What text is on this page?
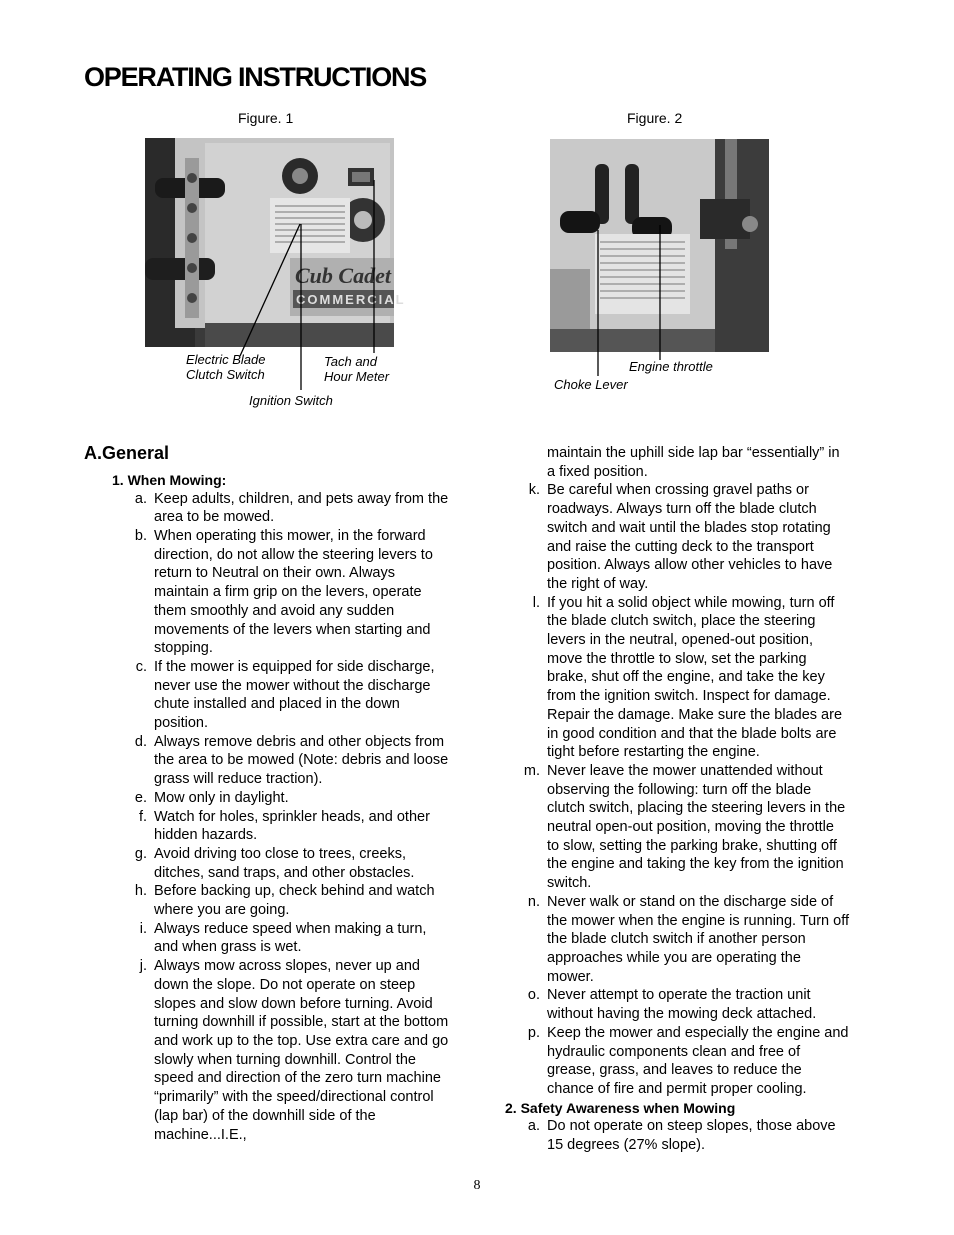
OPERATING INSTRUCTIONS
Figure. 1
Cub Cadet
COMMERCIAL
Figure. 2
Electric Blade
Clutch Switch
Tach and
Hour Meter
Ignition Switch
Engine throttle
Choke Lever
A.General
1. When Mowing:
a. Keep adults, children, and pets away from the area to be mowed.
b. When operating this mower, in the forward direction, do not allow the steering levers to return to Neutral on their own. Always maintain a firm grip on the levers, operate them smoothly and avoid any sudden movements of the levers when starting and stopping.
c. If the mower is equipped for side discharge, never use the mower without the discharge chute installed and placed in the down position.
d. Always remove debris and other objects from the area to be mowed (Note: debris and loose grass will reduce traction).
e. Mow only in daylight.
f. Watch for holes, sprinkler heads, and other hidden hazards.
g. Avoid driving too close to trees, creeks, ditches, sand traps, and other obstacles.
h. Before backing up, check behind and watch where you are going.
i. Always reduce speed when making a turn, and when grass is wet.
j. Always mow across slopes, never up and down the slope. Do not operate on steep slopes and slow down before turning. Avoid turning downhill if possible, start at the bottom and work up to the top. Use extra care and go slowly when turning downhill. Control the speed and direction of the zero turn machine “primarily” with the speed/directional control (lap bar) of the downhill side of the machine...I.E.,
maintain the uphill side lap bar “essentially” in a fixed position.
k. Be careful when crossing gravel paths or roadways. Always turn off the blade clutch switch and wait until the blades stop rotating and raise the cutting deck to the transport position. Always allow other vehicles to have the right of way.
l. If you hit a solid object while mowing, turn off the blade clutch switch, place the steering levers in the neutral, opened-out position, move the throttle to slow, set the parking brake, shut off the engine, and take the key from the ignition switch. Inspect for damage. Repair the damage. Make sure the blades are in good condition and that the blade bolts are tight before restarting the engine.
m. Never leave the mower unattended without observing the following: turn off the blade clutch switch, placing the steering levers in the neutral open-out position, moving the throttle to slow, setting the parking brake, shutting off the engine and taking the key from the ignition switch.
n. Never walk or stand on the discharge side of the mower when the engine is running. Turn off the blade clutch switch if another person approaches while you are operating the mower.
o. Never attempt to operate the traction unit without having the mowing deck attached.
p. Keep the mower and especially the engine and hydraulic components clean and free of grease, grass, and leaves to reduce the chance of fire and permit proper cooling.
2. Safety Awareness when Mowing
a. Do not operate on steep slopes, those above 15 degrees (27% slope).
8
